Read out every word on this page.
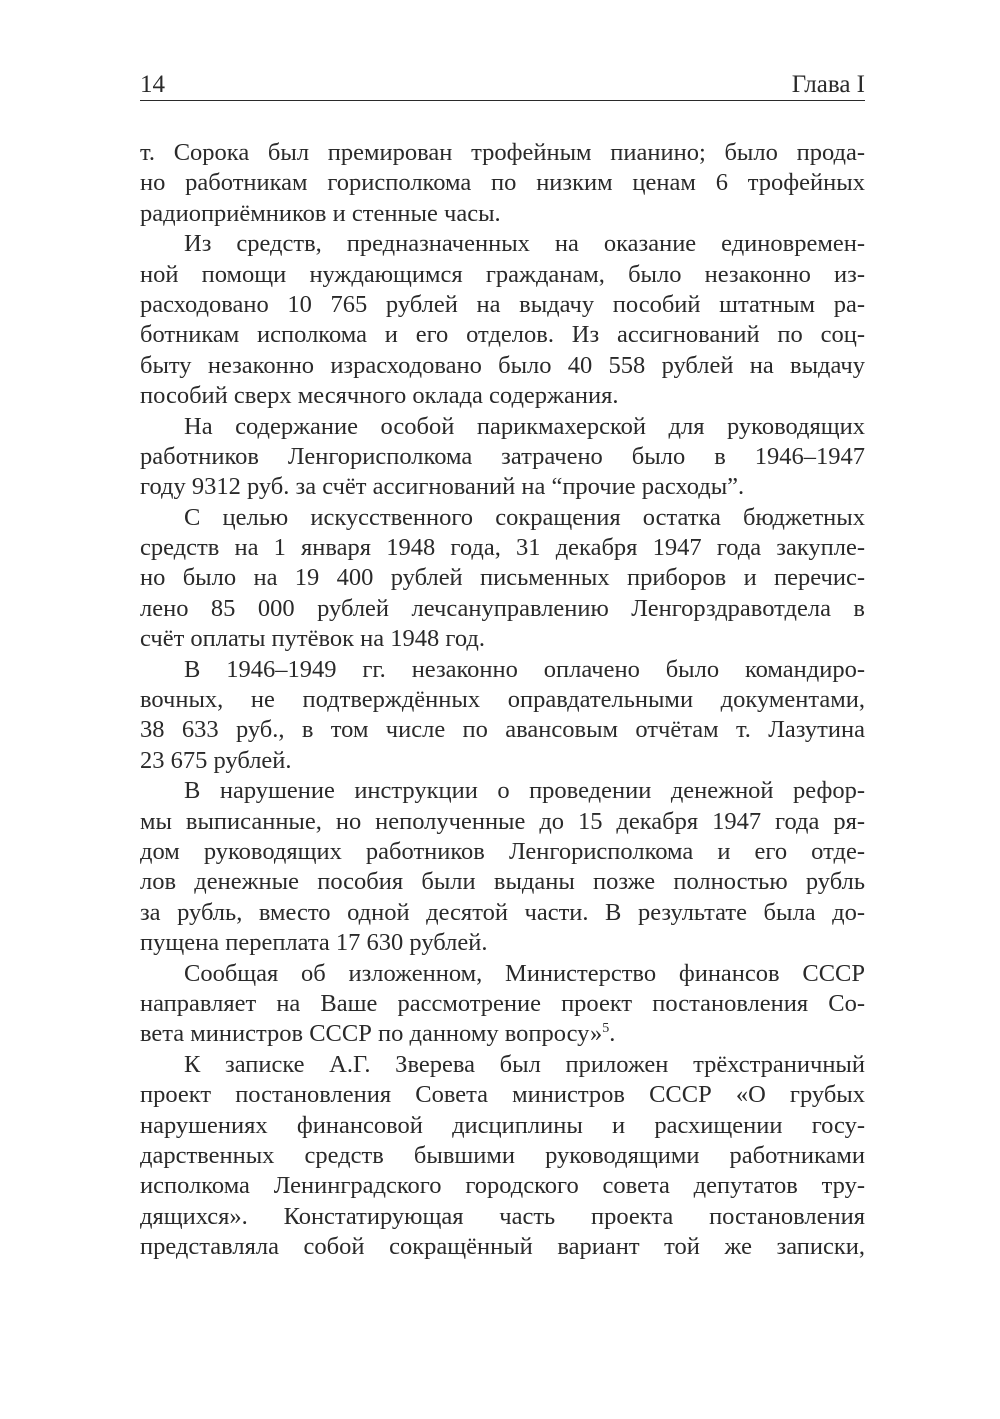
14	Глава I
т. Сорока был премирован трофейным пианино; было прода-
но работникам горисполкома по низким ценам 6 трофейных
радиоприёмников и стенные часы.
Из средств, предназначенных на оказание единовремен-
ной помощи нуждающимся гражданам, было незаконно из-
расходовано 10 765 рублей на выдачу пособий штатным ра-
ботникам исполкома и его отделов. Из ассигнований по соц-
быту незаконно израсходовано было 40 558 рублей на выдачу
пособий сверх месячного оклада содержания.
На содержание особой парикмахерской для руководящих
работников Ленгорисполкома затрачено было в 1946–1947
году 9312 руб. за счёт ассигнований на “прочие расходы”.
С целью искусственного сокращения остатка бюджетных
средств на 1 января 1948 года, 31 декабря 1947 года закупле-
но было на 19 400 рублей письменных приборов и перечис-
лено 85 000 рублей лечсануправлению Ленгорздравотдела в
счёт оплаты путёвок на 1948 год.
В 1946–1949 гг. незаконно оплачено было командиро-
вочных, не подтверждённых оправдательными документами,
38 633 руб., в том числе по авансовым отчётам т. Лазутина
23 675 рублей.
В нарушение инструкции о проведении денежной рефор-
мы выписанные, но неполученные до 15 декабря 1947 года ря-
дом руководящих работников Ленгорисполкома и его отде-
лов денежные пособия были выданы позже полностью рубль
за рубль, вместо одной десятой части. В результате была до-
пущена переплата 17 630 рублей.
Сообщая об изложенном, Министерство финансов СССР
направляет на Ваше рассмотрение проект постановления Со-
вета министров СССР по данному вопросу»$^5$.
К записке А.Г. Зверева был приложен трёхстраничный
проект постановления Совета министров СССР «О грубых
нарушениях финансовой дисциплины и расхищении госу-
дарственных средств бывшими руководящими работниками
исполкома Ленинградского городского совета депутатов тру-
дящихся». Констатирующая часть проекта постановления
представляла собой сокращённый вариант той же записки,
